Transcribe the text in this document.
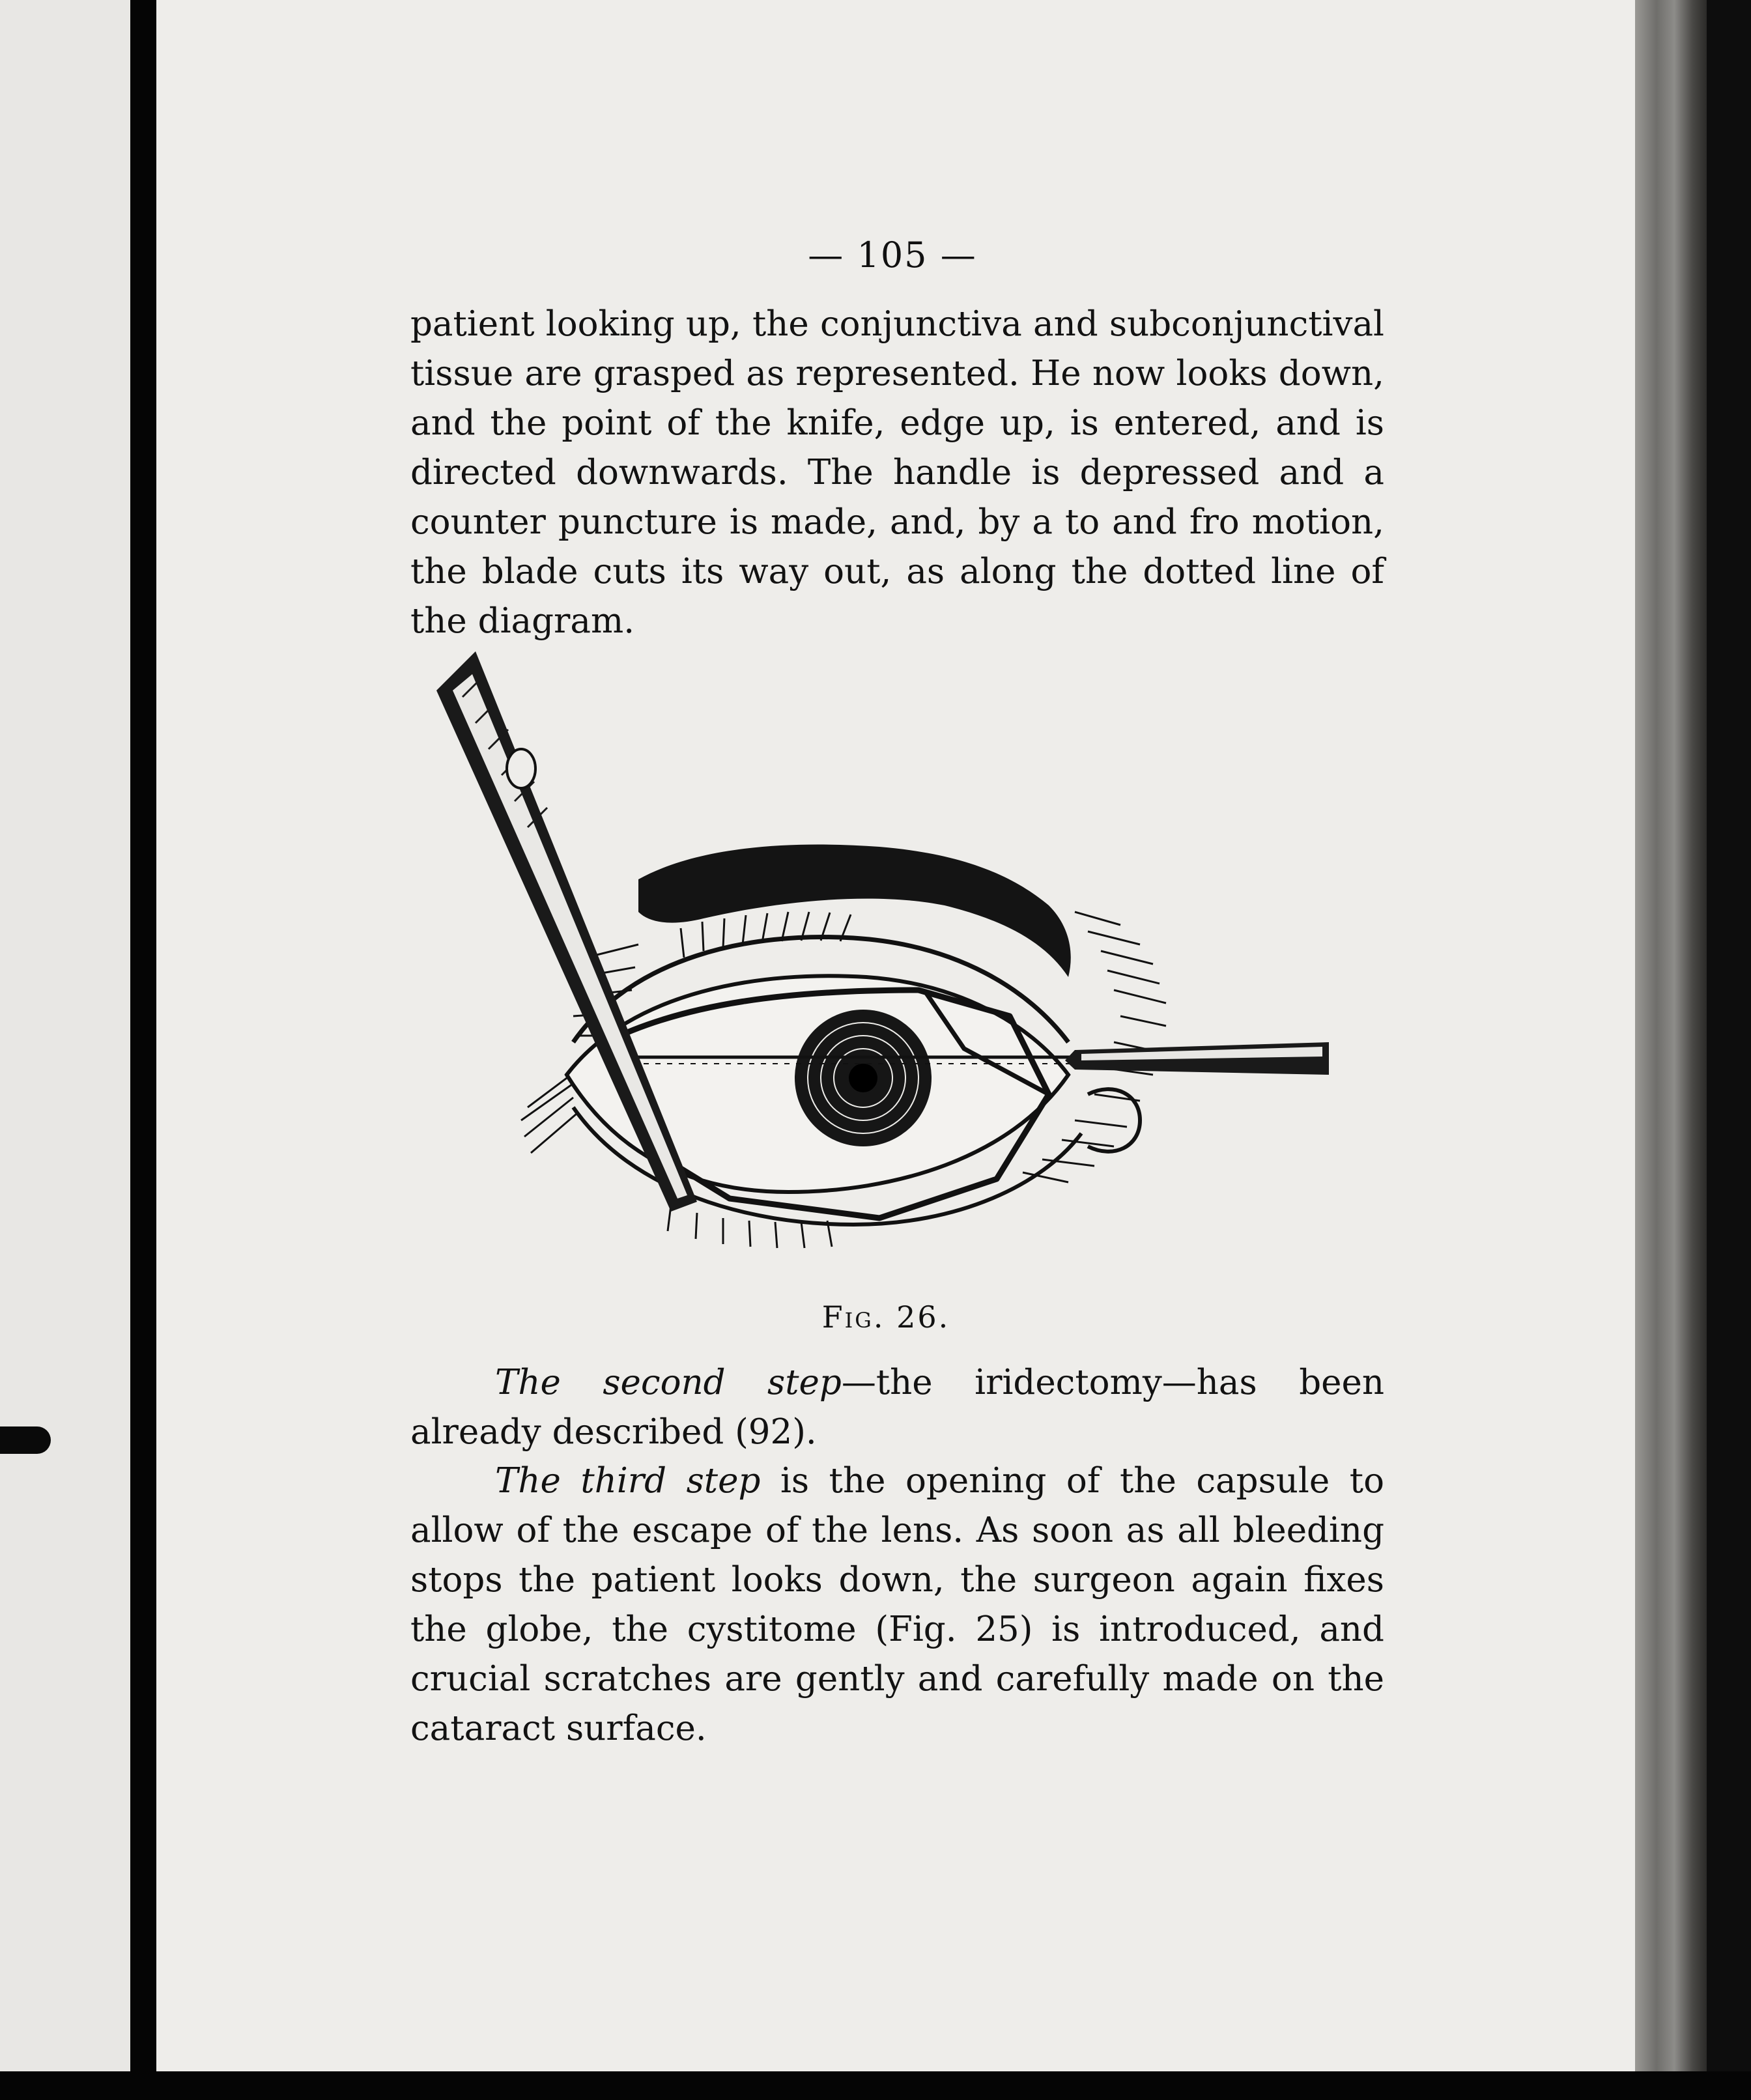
— 105 —

patient looking up, the conjunctiva and subconjunctival tissue are grasped as represented. He now looks down, and the point of the knife, edge up, is entered, and is directed downwards. The handle is depressed and a counter puncture is made, and, by a to and fro motion, the blade cuts its way out, as along the dotted line of the diagram.

Fig. 26.

The second step—the iridectomy—has been already described (92).

The third step is the opening of the capsule to allow of the escape of the lens. As soon as all bleeding stops the patient looks down, the surgeon again fixes the globe, the cystitome (Fig. 25) is introduced, and crucial scratches are gently and carefully made on the cataract surface.
